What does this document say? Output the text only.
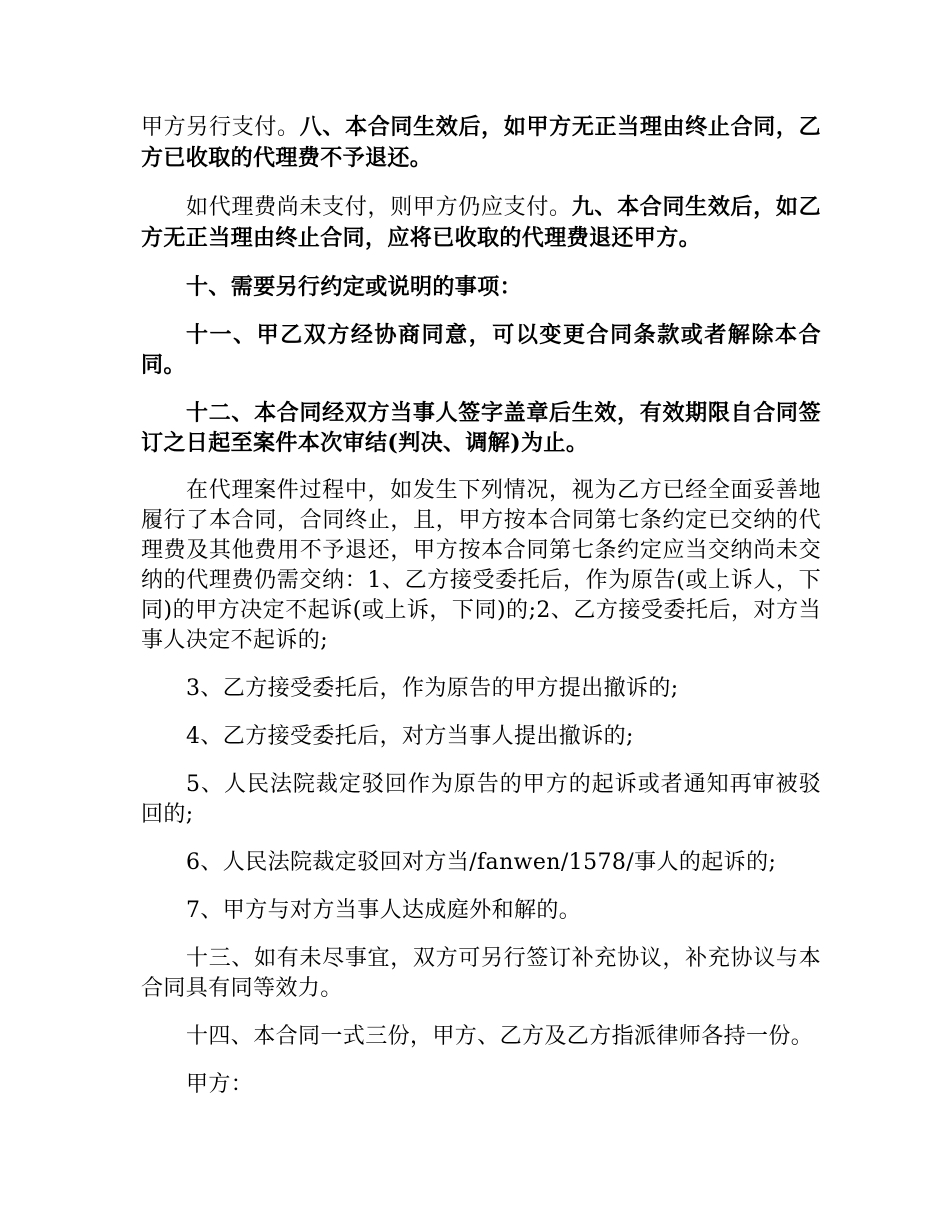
甲方另行支付。八、本合同生效后，如甲方无正当理由终止合同，乙方已收取的代理费不予退还。

如代理费尚未支付，则甲方仍应支付。九、本合同生效后，如乙方无正当理由终止合同，应将已收取的代理费退还甲方。

十、需要另行约定或说明的事项：

十一、甲乙双方经协商同意，可以变更合同条款或者解除本合同。

十二、本合同经双方当事人签字盖章后生效，有效期限自合同签订之日起至案件本次审结(判决、调解)为止。

在代理案件过程中，如发生下列情况，视为乙方已经全面妥善地履行了本合同，合同终止，且，甲方按本合同第七条约定已交纳的代理费及其他费用不予退还，甲方按本合同第七条约定应当交纳尚未交纳的代理费仍需交纳：1、乙方接受委托后，作为原告(或上诉人，下同)的甲方决定不起诉(或上诉，下同)的;2、乙方接受委托后，对方当事人决定不起诉的;

3、乙方接受委托后，作为原告的甲方提出撤诉的;

4、乙方接受委托后，对方当事人提出撤诉的;

5、人民法院裁定驳回作为原告的甲方的起诉或者通知再审被驳回的;

6、人民法院裁定驳回对方当/fanwen/1578/事人的起诉的;

7、甲方与对方当事人达成庭外和解的。

十三、如有未尽事宜，双方可另行签订补充协议，补充协议与本合同具有同等效力。

十四、本合同一式三份，甲方、乙方及乙方指派律师各持一份。

甲方：
